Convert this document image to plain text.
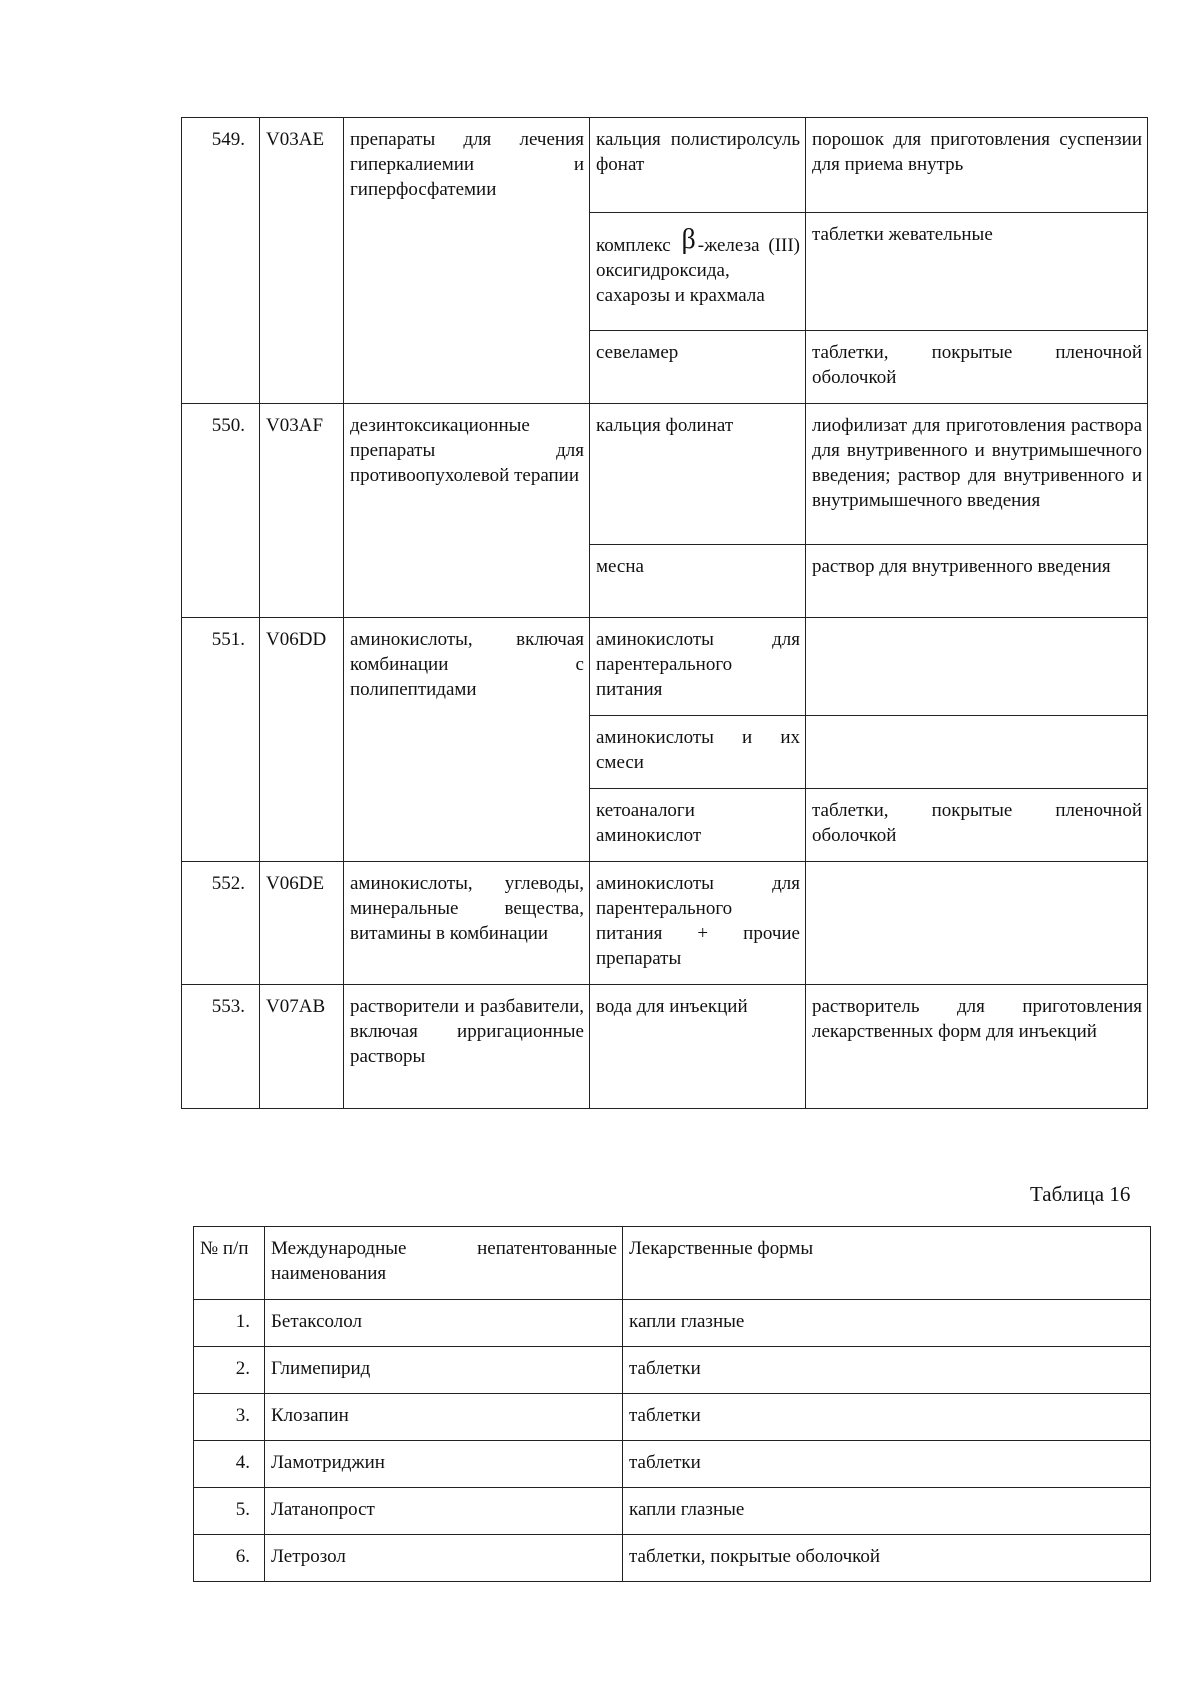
549.	V03AE	препараты для лечения гиперкалиемии и гиперфосфатемии	кальция полистиролсульфонат	порошок для приготовления суспензии для приема внутрь
			комплекс β -железа (III) оксигидроксида, сахарозы и крахмала	таблетки жевательные
			севеламер	таблетки, покрытые пленочной оболочкой
550.	V03AF	дезинтоксикационные препараты для противоопухолевой терапии	кальция фолинат	лиофилизат для приготовления раствора для внутривенного и внутримышечного введения; раствор для внутривенного и внутримышечного введения
			месна	раствор для внутривенного введения
551.	V06DD	аминокислоты, включая комбинации с полипептидами	аминокислоты для парентерального питания	
			аминокислоты и их смеси	
			кетоаналоги аминокислот	таблетки, покрытые пленочной оболочкой
552.	V06DE	аминокислоты, углеводы, минеральные вещества, витамины в комбинации	аминокислоты для парентерального питания + прочие препараты	
553.	V07AB	растворители и разбавители, включая ирригационные растворы	вода для инъекций	растворитель для приготовления лекарственных форм для инъекций
Таблица 16
№ п/п	Международные непатентованные наименования	Лекарственные формы
1.	Бетаксолол	капли глазные
2.	Глимепирид	таблетки
3.	Клозапин	таблетки
4.	Ламотриджин	таблетки
5.	Латанопрост	капли глазные
6.	Летрозол	таблетки, покрытые оболочкой
